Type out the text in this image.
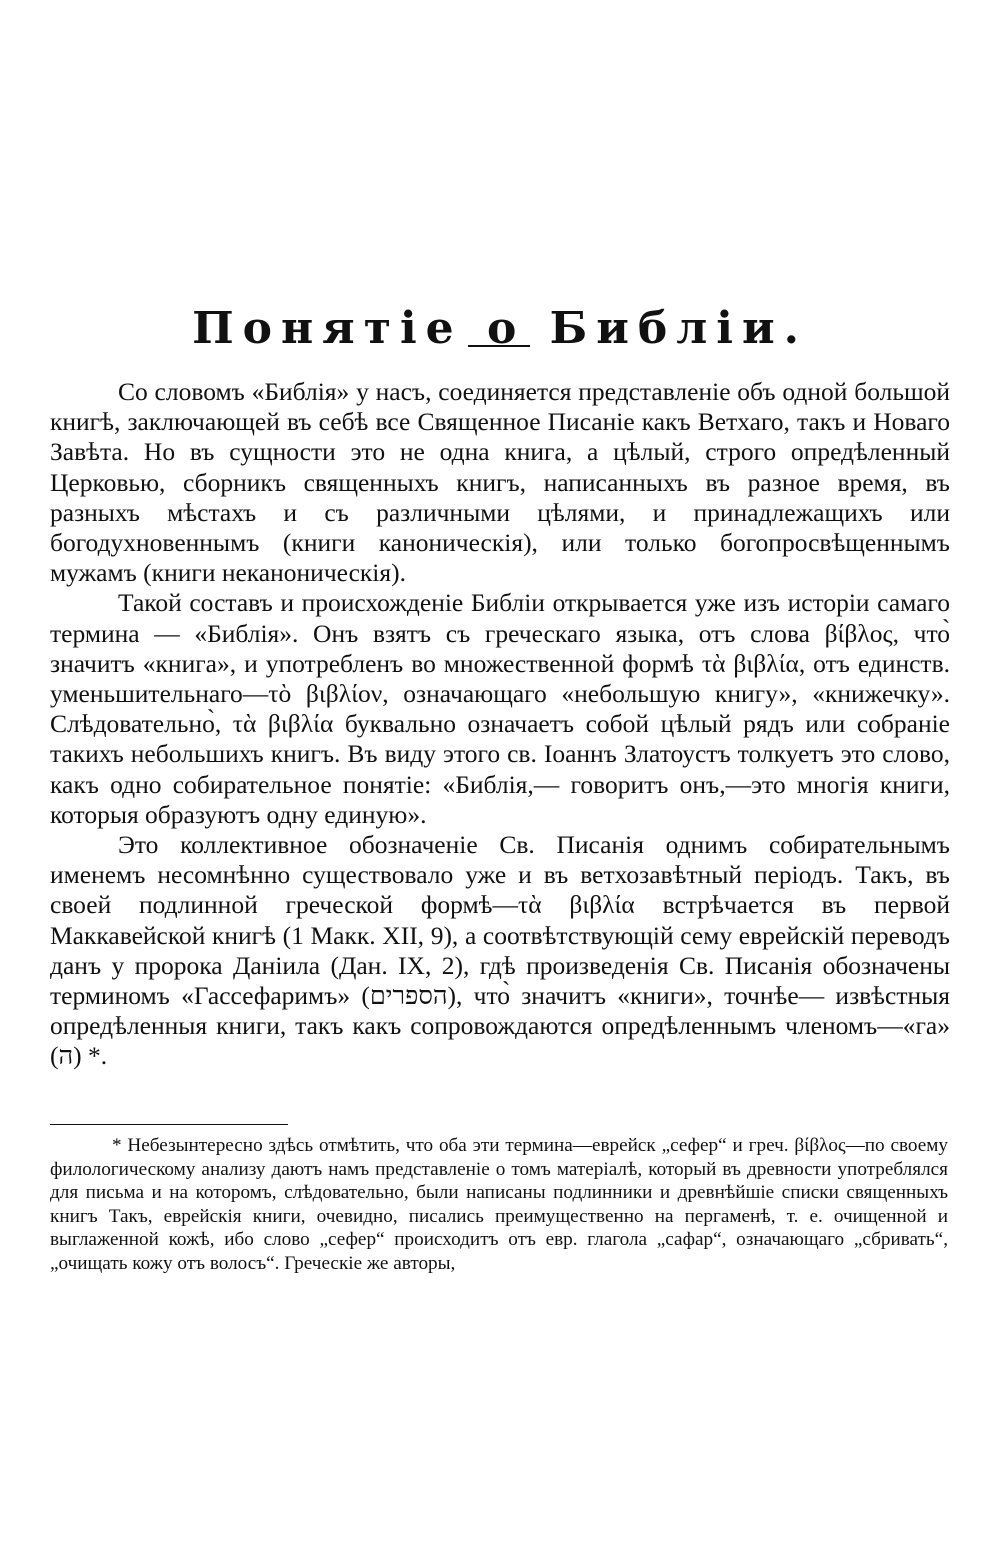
Понятіе о Библіи.

Со словомъ «Библія» у насъ, соединяется представленіе объ одной большой книгѣ, заключающей въ себѣ все Священное Писаніе какъ Ветхаго, такъ и Новаго Завѣта. Но въ сущности это не одна книга, а цѣлый, строго опредѣленный Церковью, сборникъ священныхъ книгъ, написанныхъ въ разное время, въ разныхъ мѣстахъ и съ различными цѣлями, и принадлежащихъ или богодухновеннымъ (книги каноническія), или только богопросвѣщеннымъ мужамъ (книги неканоническія).

Такой составъ и происхожденіе Библіи открывается уже изъ исторіи самаго термина — «Библія». Онъ взятъ съ греческаго языка, отъ слова βίβλος, что̀ значитъ «книга», и употребленъ во множественной формѣ τὰ βιβλία, отъ единств. уменьшительнаго—τὸ βιβλίον, означающаго «небольшую книгу», «книжечку». Слѣдовательно̀, τὰ βιβλία буквально означаетъ собой цѣлый рядъ или собраніе такихъ небольшихъ книгъ. Въ виду этого св. Іоаннъ Златоустъ толкуетъ это слово, какъ одно собирательное понятіе: «Библія,— говоритъ онъ,—это многія книги, которыя образуютъ одну единую».

Это коллективное обозначеніе Св. Писанія однимъ собирательнымъ именемъ несомнѣнно существовало уже и въ ветхозавѣтный періодъ. Такъ, въ своей подлинной греческой формѣ—τὰ βιβλία встрѣчается въ первой Маккавейской книгѣ (1 Макк. XII, 9), а соотвѣтствующій сему еврейскій переводъ данъ у пророка Даніила (Дан. IX, 2), гдѣ произведенія Св. Писанія обозначены терминомъ «Гассефаримъ» (הספרים), что̀ значитъ «книги», точнѣе— извѣстныя опредѣленныя книги, такъ какъ сопровождаются опредѣленнымъ членомъ—«га» (ה) *.

* Небезынтересно здѣсь отмѣтить, что оба эти термина—еврейск „сефер“ и греч. βίβλος—по своему филологическому анализу даютъ намъ представленіе о томъ матеріалѣ, который въ древности употреблялся для письма и на которомъ, слѣдовательно, были написаны подлинники и древнѣйшіе списки священныхъ книгъ Такъ, еврейскія книги, очевидно, писались преимущественно на пергаменѣ, т. е. очищенной и выглаженной кожѣ, ибо слово „сефер“ происходитъ отъ евр. глагола „сафар“, означающаго „сбривать“, „очищать кожу отъ волосъ“. Греческіе же авторы,
